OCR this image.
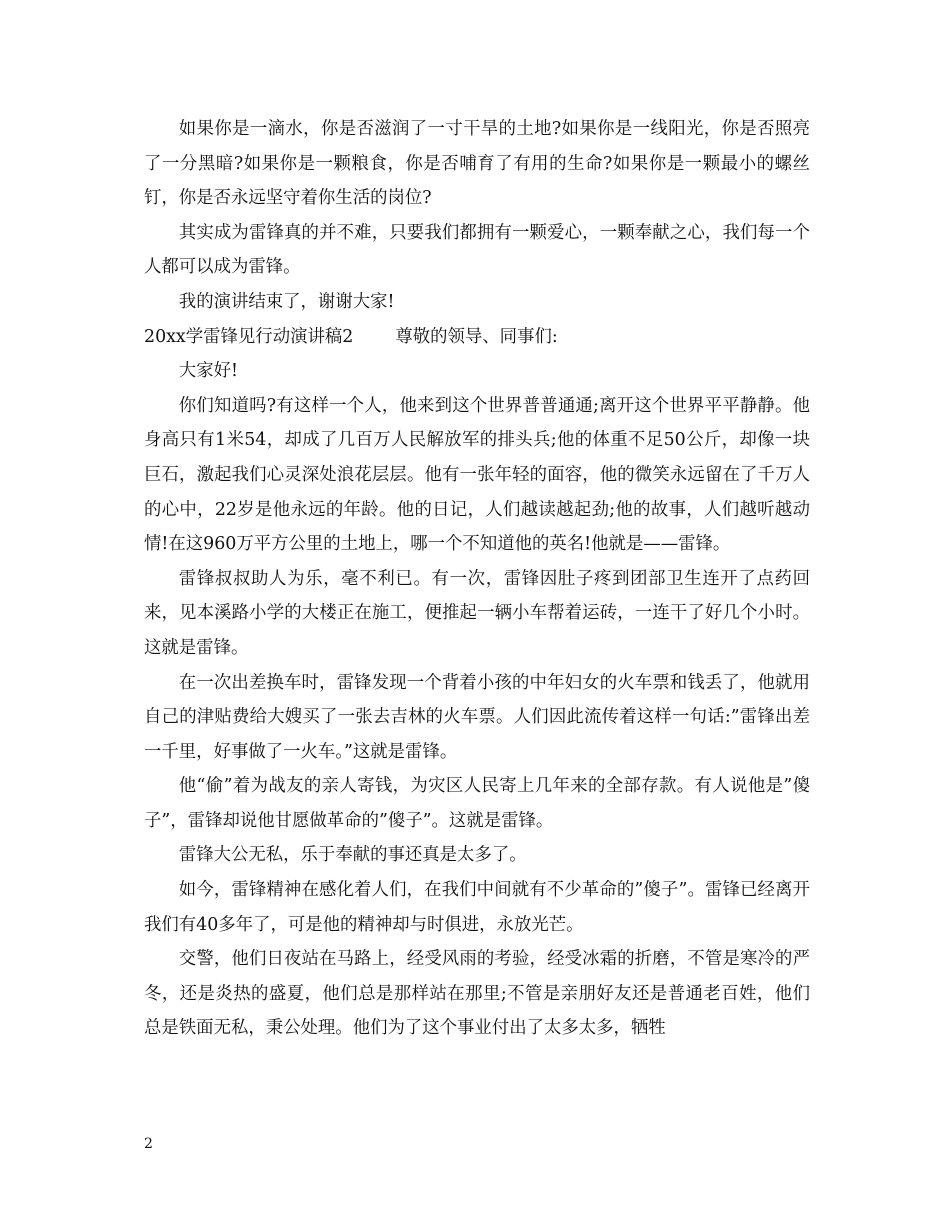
如果你是一滴水，你是否滋润了一寸干旱的土地?如果你是一线阳光，你是否照亮了一分黑暗?如果你是一颗粮食，你是否哺育了有用的生命?如果你是一颗最小的螺丝钉，你是否永远坚守着你生活的岗位?

其实成为雷锋真的并不难，只要我们都拥有一颗爱心，一颗奉献之心，我们每一个人都可以成为雷锋。

我的演讲结束了，谢谢大家!

20xx学雷锋见行动演讲稿2 尊敬的领导、同事们:

大家好!

你们知道吗?有这样一个人，他来到这个世界普普通通;离开这个世界平平静静。他身高只有1米54，却成了几百万人民解放军的排头兵;他的体重不足50公斤，却像一块巨石，激起我们心灵深处浪花层层。他有一张年轻的面容，他的微笑永远留在了千万人的心中，22岁是他永远的年龄。他的日记，人们越读越起劲;他的故事，人们越听越动情!在这960万平方公里的土地上，哪一个不知道他的英名!他就是——雷锋。

雷锋叔叔助人为乐，毫不利已。有一次，雷锋因肚子疼到团部卫生连开了点药回来，见本溪路小学的大楼正在施工，便推起一辆小车帮着运砖，一连干了好几个小时。这就是雷锋。

在一次出差换车时，雷锋发现一个背着小孩的中年妇女的火车票和钱丢了，他就用自己的津贴费给大嫂买了一张去吉林的火车票。人们因此流传着这样一句话:”雷锋出差一千里，好事做了一火车。”这就是雷锋。

他“偷”着为战友的亲人寄钱，为灾区人民寄上几年来的全部存款。有人说他是”傻子”，雷锋却说他甘愿做革命的”傻子”。这就是雷锋。

雷锋大公无私，乐于奉献的事还真是太多了。

如今，雷锋精神在感化着人们，在我们中间就有不少革命的”傻子”。雷锋已经离开我们有40多年了，可是他的精神却与时俱进，永放光芒。

交警，他们日夜站在马路上，经受风雨的考验，经受冰霜的折磨，不管是寒冷的严冬，还是炎热的盛夏，他们总是那样站在那里;不管是亲朋好友还是普通老百姓，他们总是铁面无私，秉公处理。他们为了这个事业付出了太多太多，牺牲

2
